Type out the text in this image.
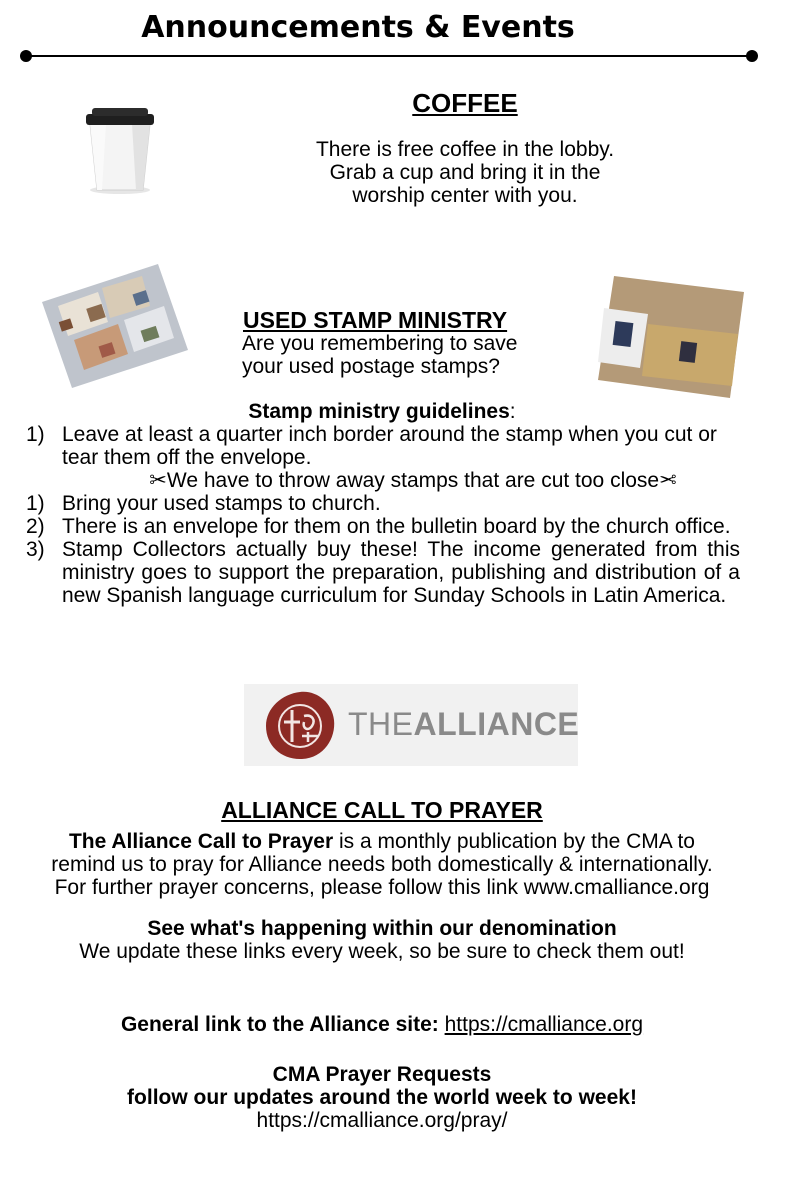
Announcements & Events
COFFEE
There is free coffee in the lobby.
Grab a cup and bring it in the
worship center with you.
USED STAMP MINISTRY
Are you remembering to save
your used postage stamps?
Stamp ministry guidelines:
1) Leave at least a quarter inch border around the stamp when you cut or tear them off the envelope.
✂We have to throw away stamps that are cut too close✂
1) Bring your used stamps to church.
2) There is an envelope for them on the bulletin board by the church office.
3) Stamp Collectors actually buy these! The income generated from this ministry goes to support the preparation, publishing and distribution of a new Spanish language curriculum for Sunday Schools in Latin America.
THEALLIANCE
ALLIANCE CALL TO PRAYER
The Alliance Call to Prayer is a monthly publication by the CMA to
remind us to pray for Alliance needs both domestically & internationally.
For further prayer concerns, please follow this link www.cmalliance.org
See what's happening within our denomination
We update these links every week, so be sure to check them out!
General link to the Alliance site: https://cmalliance.org
CMA Prayer Requests
follow our updates around the world week to week!
https://cmalliance.org/pray/
